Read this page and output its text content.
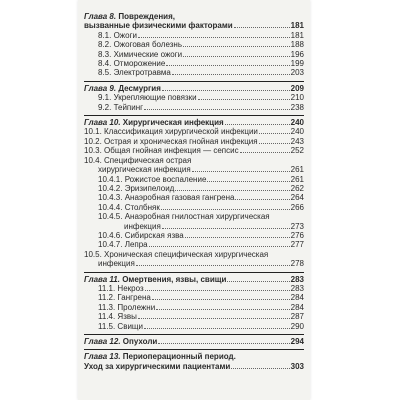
Глава 8. Повреждения,
вызванные физическими факторами	181
8.1. Ожоги	181
8.2. Ожоговая болезнь	188
8.3. Химические ожоги	196
8.4. Отморожение	199
8.5. Электротравма	203
Глава 9. Десмургия	209
9.1. Укрепляющие повязки	210
9.2. Тейпинг	238
Глава 10. Хирургическая инфекция	240
10.1. Классификация хирургической инфекции	240
10.2. Острая и хроническая гнойная инфекция	243
10.3. Общая гнойная инфекция — сепсис	252
10.4. Специфическая острая
хирургическая инфекция	261
10.4.1. Рожистое воспаление	261
10.4.2. Эризипелоид	262
10.4.3. Анаэробная газовая гангрена	264
10.4.4. Столбняк	266
10.4.5. Анаэробная гнилостная хирургическая
инфекция	273
10.4.6. Сибирская язва	276
10.4.7. Лепра	277
10.5. Хроническая специфическая хирургическая
инфекция	278
Глава 11. Омертвения, язвы, свищи	283
11.1. Некроз	283
11.2. Гангрена	284
11.3. Пролежни	284
11.4. Язвы	287
11.5. Свищи	290
Глава 12. Опухоли	294
Глава 13. Периоперационный период.
Уход за хирургическими пациентами	303
